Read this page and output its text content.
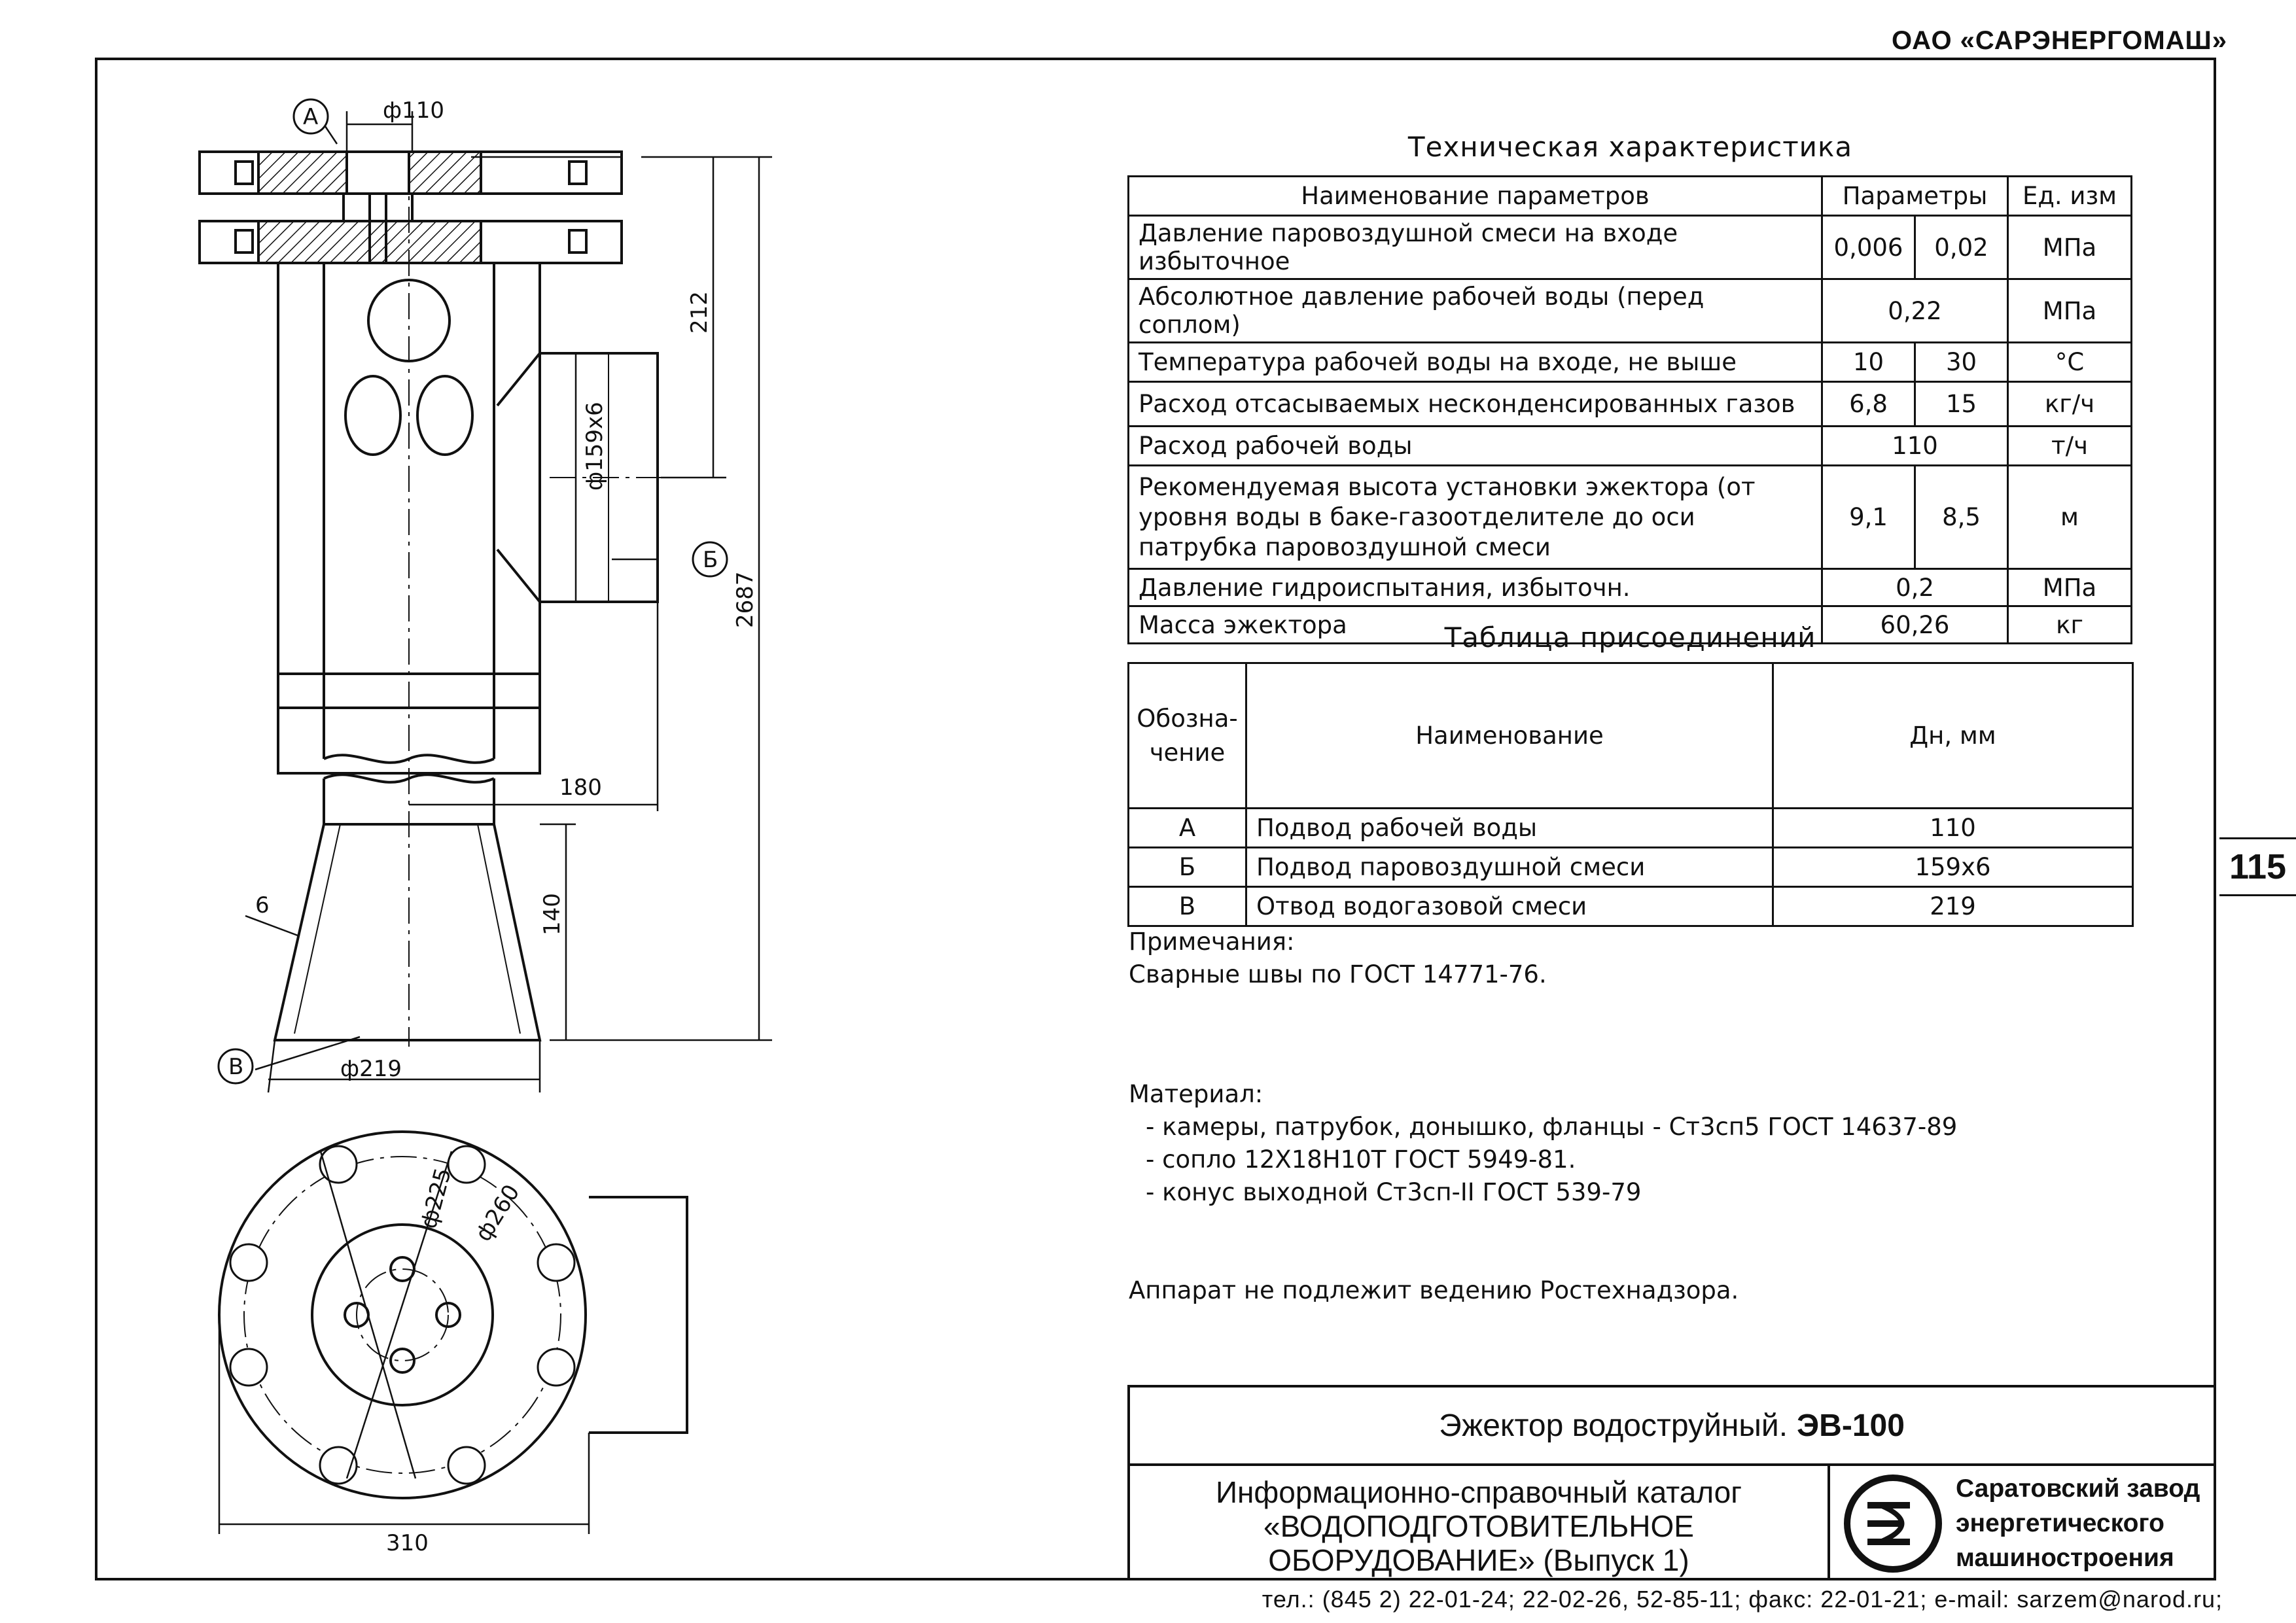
ОАО «САРЭНЕРГОМАШ»
115
А
Б
В
ф110
ф219
180
6
212
2687
140
ф159х6
ф225 ф260
310
Техническая характеристика
Наименование параметров	Параметры		Ед. изм
Давление паровоздушной смеси на входе избыточное	0,006	0,02	МПа
Абсолютное давление рабочей воды (перед соплом)	0,22		МПа
Температура рабочей воды на входе, не выше	10	30	°С
Расход отсасываемых несконденсированных газов	6,8	15	кг/ч
Расход рабочей воды	110		т/ч
Рекомендуемая высота установки эжектора (от уровня воды в баке-газоотделителе до оси патрубка паровоздушной смеси	9,1	8,5	м
Давление гидроиспытания, избыточн.	0,2		МПа
Масса эжектора	60,26		кг
Таблица присоединений
Обозна-
чение	Наименование	Дн, мм
А	Подвод рабочей воды	110
Б	Подвод паровоздушной смеси	159х6
В	Отвод водогазовой смеси	219
Примечания:
Сварные швы по ГОСТ 14771-76.
Материал:
- камеры, патрубок, донышко, фланцы - Ст3сп5 ГОСТ 14637-89
- сопло 12Х18Н10Т ГОСТ 5949-81.
- конус выходной Ст3сп-II ГОСТ 539-79
Аппарат не подлежит ведению Ростехнадзора.
Эжектор водоструйный. ЭВ-100
Информационно-справочный каталог
«ВОДОПОДГОТОВИТЕЛЬНОЕ
ОБОРУДОВАНИЕ» (Выпуск 1)
Саратовский завод
энергетического
машиностроения
тел.: (845 2) 22-01-24; 22-02-26, 52-85-11; факс: 22-01-21; e-mail: sarzem@narod.ru;
